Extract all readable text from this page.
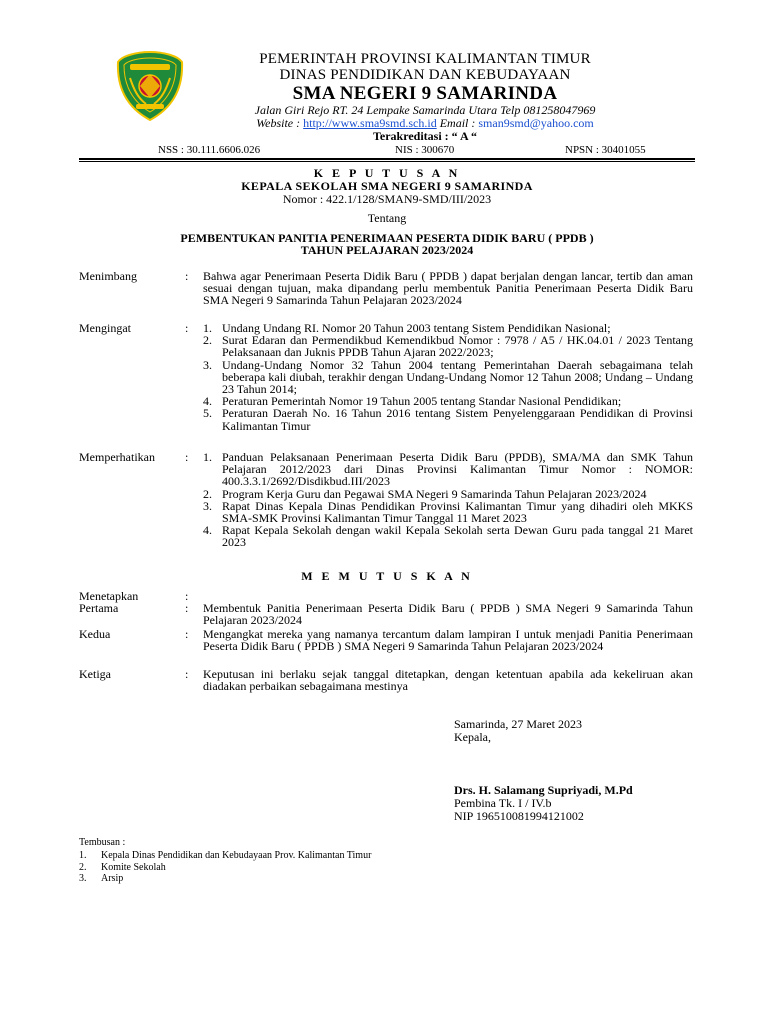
PEMERINTAH PROVINSI KALIMANTAN TIMUR
DINAS PENDIDIKAN DAN KEBUDAYAAN
SMA NEGERI 9 SAMARINDA
Jalan Giri Rejo RT. 24 Lempake Samarinda Utara Telp 081258047969
Website : http://www.sma9smd.sch.id Email : sman9smd@yahoo.com
Terakreditasi : “ A “
NSS : 30.111.6606.026	NIS : 300670	NPSN : 30401055
K E P U T U S A N
KEPALA SEKOLAH SMA NEGERI 9 SAMARINDA
Nomor : 422.1/128/SMAN9-SMD/III/2023
Tentang
PEMBENTUKAN PANITIA PENERIMAAN PESERTA DIDIK BARU ( PPDB )
TAHUN PELAJARAN 2023/2024
Menimbang	: Bahwa agar Penerimaan Peserta Didik Baru ( PPDB ) dapat berjalan dengan lancar, tertib dan aman sesuai dengan tujuan, maka dipandang perlu membentuk Panitia Penerimaan Peserta Didik Baru SMA Negeri 9 Samarinda Tahun Pelajaran 2023/2024
Mengingat	: 1. Undang Undang RI. Nomor 20 Tahun 2003 tentang Sistem Pendidikan Nasional;
2. Surat Edaran dan Permendikbud Kemendikbud Nomor : 7978 / A5 / HK.04.01 / 2023 Tentang Pelaksanaan dan Juknis PPDB Tahun Ajaran 2022/2023;
3. Undang-Undang Nomor 32 Tahun 2004 tentang Pemerintahan Daerah sebagaimana telah beberapa kali diubah, terakhir dengan Undang-Undang Nomor 12 Tahun 2008; Undang – Undang 23 Tahun 2014;
4. Peraturan Pemerintah Nomor 19 Tahun 2005 tentang Standar Nasional Pendidikan;
5. Peraturan Daerah No. 16 Tahun 2016 tentang Sistem Penyelenggaraan Pendidikan di Provinsi Kalimantan Timur
Memperhatikan	: 1. Panduan Pelaksanaan Penerimaan Peserta Didik Baru (PPDB), SMA/MA dan SMK Tahun Pelajaran 2012/2023 dari Dinas Provinsi Kalimantan Timur Nomor : NOMOR: 400.3.3.1/2692/Disdikbud.III/2023
2. Program Kerja Guru dan Pegawai SMA Negeri 9 Samarinda Tahun Pelajaran 2023/2024
3. Rapat Dinas Kepala Dinas Pendidikan Provinsi Kalimantan Timur yang dihadiri oleh MKKS SMA-SMK Provinsi Kalimantan Timur Tanggal 11 Maret 2023
4. Rapat Kepala Sekolah dengan wakil Kepala Sekolah serta Dewan Guru pada tanggal 21 Maret 2023
M E M U T U S K A N
Menetapkan	:
Pertama	: Membentuk Panitia Penerimaan Peserta Didik Baru ( PPDB ) SMA Negeri 9 Samarinda Tahun Pelajaran 2023/2024
Kedua	: Mengangkat mereka yang namanya tercantum dalam lampiran I untuk menjadi Panitia Penerimaan Peserta Didik Baru ( PPDB ) SMA Negeri 9 Samarinda Tahun Pelajaran 2023/2024
Ketiga	: Keputusan ini berlaku sejak tanggal ditetapkan, dengan ketentuan apabila ada kekeliruan akan diadakan perbaikan sebagaimana mestinya
Samarinda, 27 Maret 2023
Kepala,
Drs. H. Salamang Supriyadi, M.Pd
Pembina Tk. I / IV.b
NIP 196510081994121002
Tembusan :
1. Kepala Dinas Pendidikan dan Kebudayaan Prov. Kalimantan Timur
2. Komite Sekolah
3. Arsip
